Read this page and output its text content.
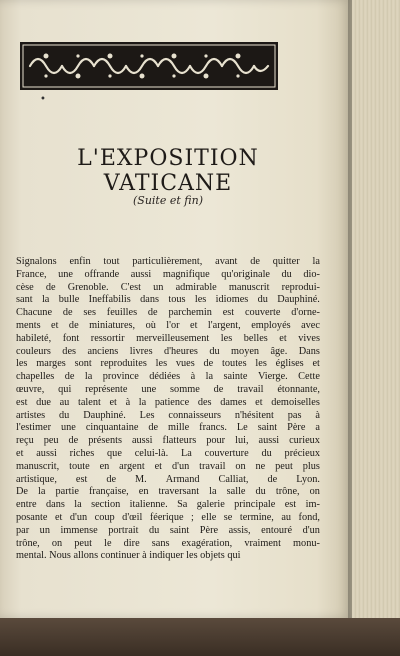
•
L'EXPOSITION VATICANE
(Suite et fin)
Signalons enfin tout particulièrement, avant de quitter la
France, une offrande aussi magnifique qu'originale du dio-
cèse de Grenoble. C'est un admirable manuscrit reprodui-
sant la bulle Ineffabilis dans tous les idiomes du Dauphiné.
Chacune de ses feuilles de parchemin est couverte d'orne-
ments et de miniatures, où l'or et l'argent, employés avec
habileté, font ressortir merveilleusement les belles et vives
couleurs des anciens livres d'heures du moyen âge. Dans
les marges sont reproduites les vues de toutes les églises et
chapelles de la province dédiées à la sainte Vierge. Cette
œuvre, qui représente une somme de travail étonnante,
est due au talent et à la patience des dames et demoiselles
artistes du Dauphiné. Les connaisseurs n'hésitent pas à
l'estimer une cinquantaine de mille francs. Le saint Père a
reçu peu de présents aussi flatteurs pour lui, aussi curieux
et aussi riches que celui-là. La couverture du précieux
manuscrit, toute en argent et d'un travail on ne peut plus
artistique, est de M. Armand Calliat, de Lyon.
De la partie française, en traversant la salle du trône, on
entre dans la section italienne. Sa galerie principale est im-
posante et d'un coup d'œil féerique ; elle se termine, au fond,
par un immense portrait du saint Père assis, entouré d'un
trône, on peut le dire sans exagération, vraiment monu-
mental. Nous allons continuer à indiquer les objets qui
